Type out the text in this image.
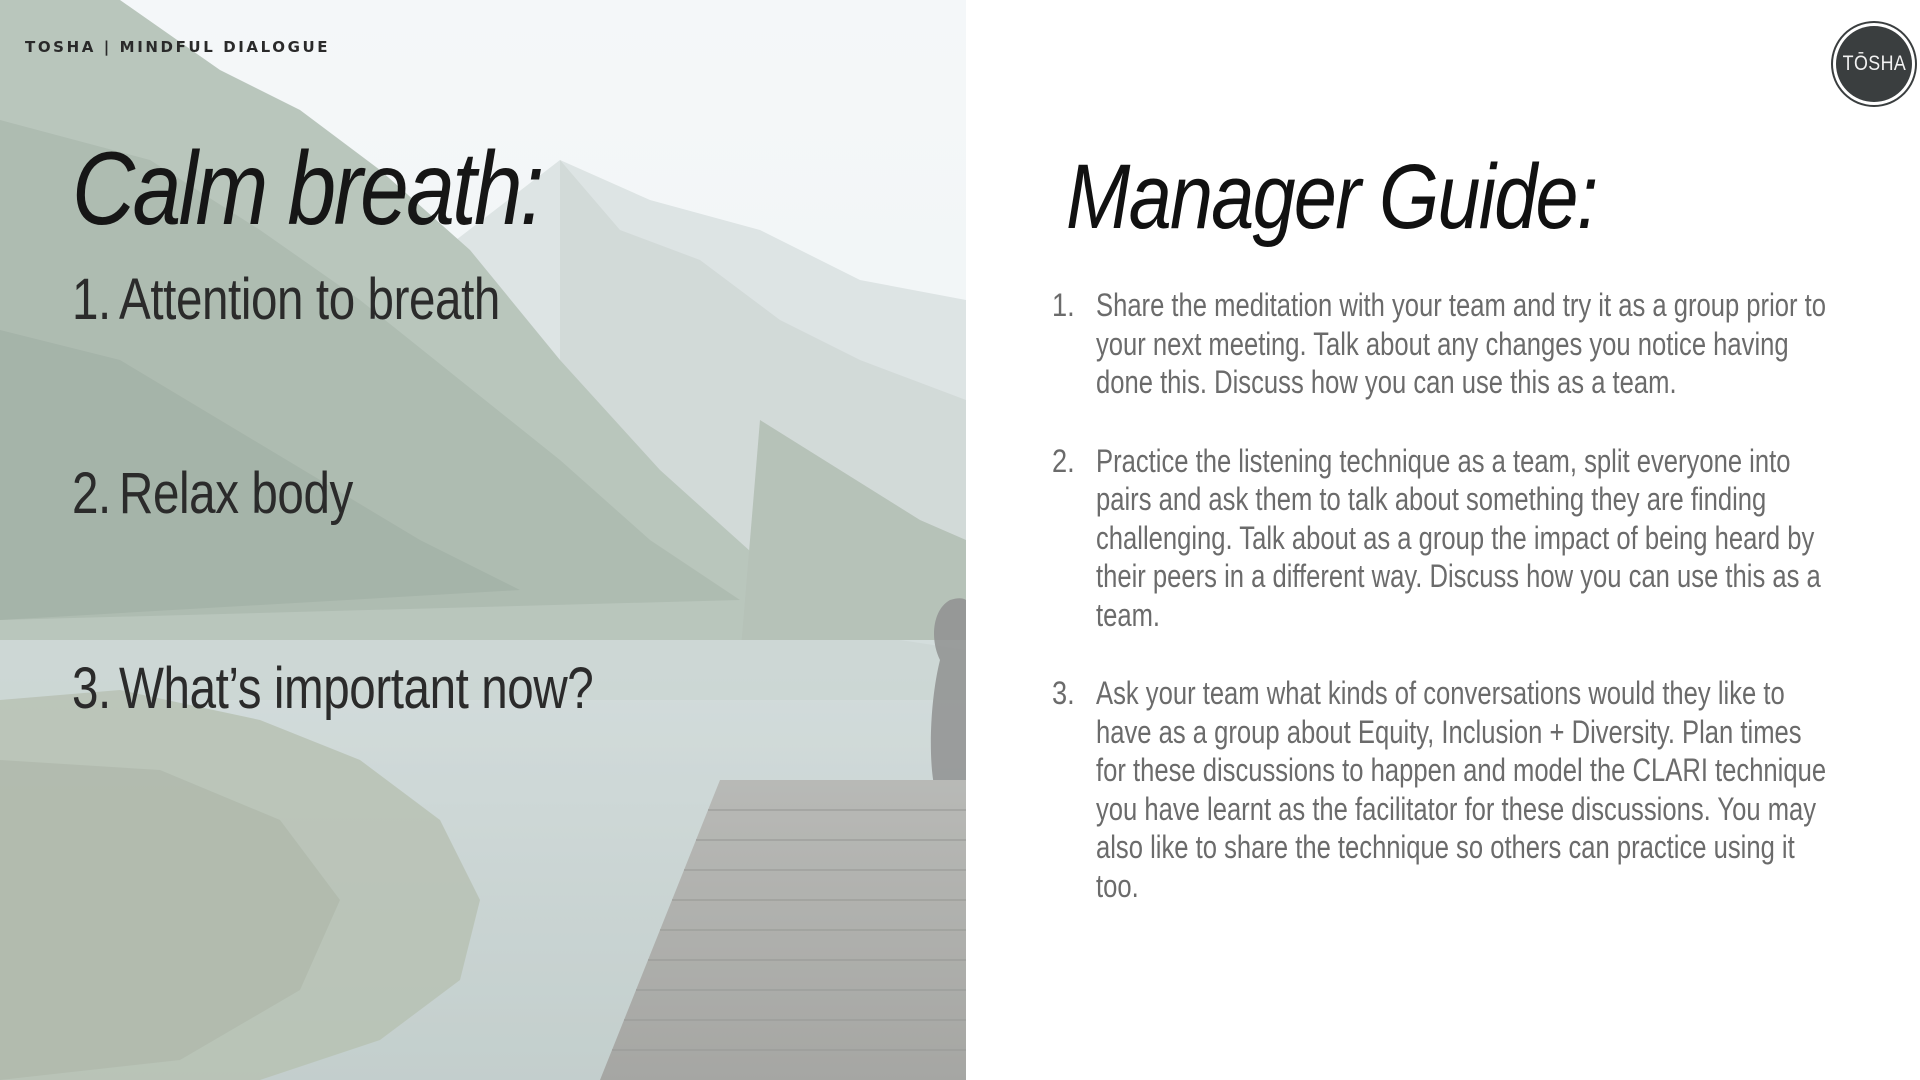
TOSHA | MINDFUL DIALOGUE
Calm breath:
1. Attention to breath
2. Relax body
3. What’s important now?
Manager Guide:
1. Share the meditation with your team and try it as a group prior to your next meeting. Talk about any changes you notice having done this. Discuss how you can use this as a team.
2. Practice the listening technique as a team, split everyone into pairs and ask them to talk about something they are finding challenging. Talk about as a group the impact of being heard by their peers in a different way. Discuss how you can use this as a team.
3. Ask your team what kinds of conversations would they like to have as a group about Equity, Inclusion + Diversity. Plan times for these discussions to happen and model the CLARI technique you have learnt as the facilitator for these discussions. You may also like to share the technique so others can practice using it too.
TŌSHA
